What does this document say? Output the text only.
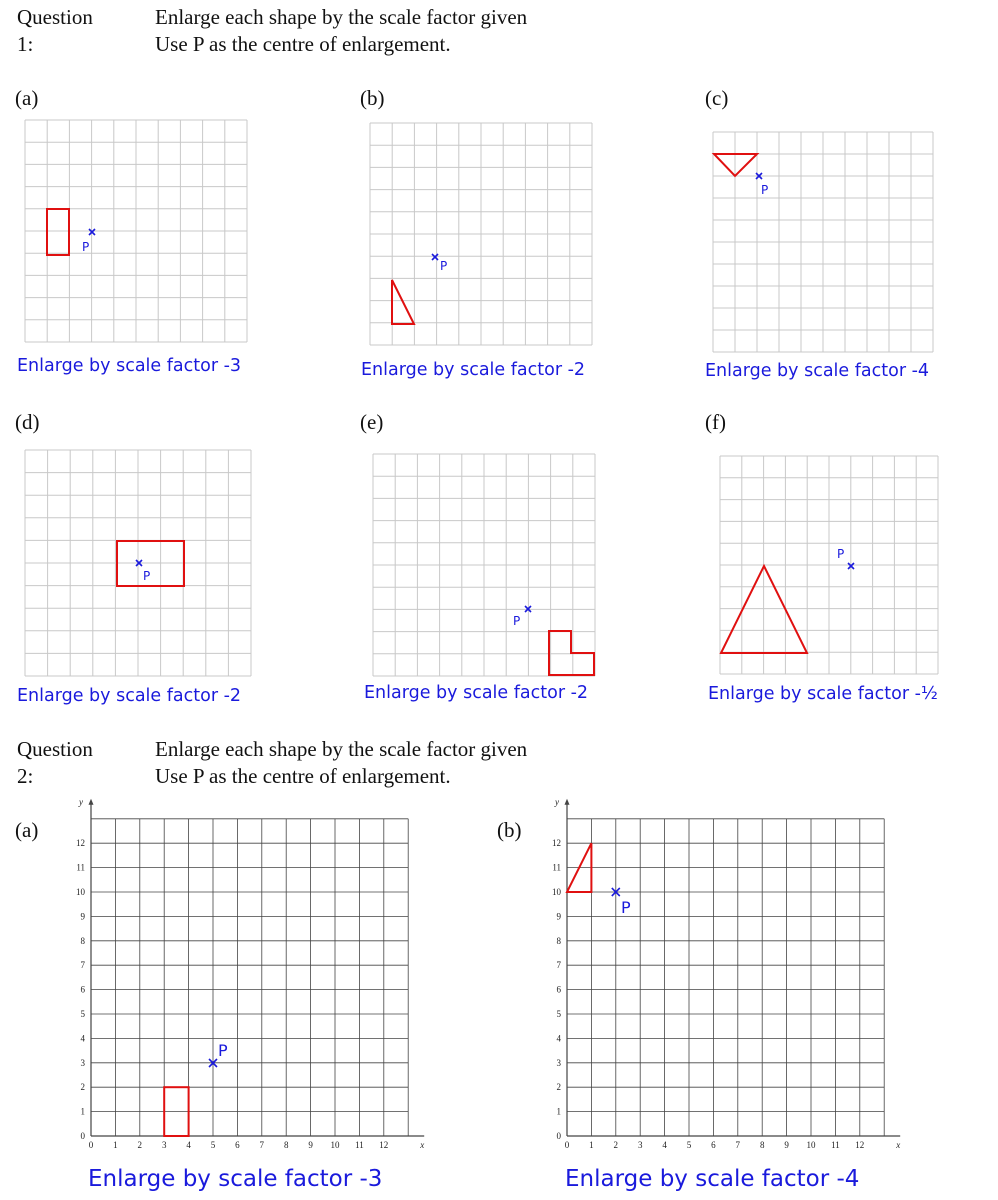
Question 1:
Enlarge each shape by the scale factor given
Use P as the centre of enlargement.
(a)	(b)	(c)
(d)	(e)	(f)
P
P
P
P
P
P
Enlarge by scale factor -3	Enlarge by scale factor -2	Enlarge by scale factor -4
Enlarge by scale factor -2	Enlarge by scale factor -2	Enlarge by scale factor -½
Question 2:
Enlarge each shape by the scale factor given
Use P as the centre of enlargement.
(a)	(b)
0 1
1
2
2
3
3
4
4
5
5
6
6
7
7
8
8
9
9
10
10
11
11
12
12
0
x
y
P
0 1
1
2
2
3
3
4
4
5
5
6
6
7
7
8
8
9
9
10
10
11
11
12
12
0
x
y
P
Enlarge by scale factor -3	Enlarge by scale factor -4
